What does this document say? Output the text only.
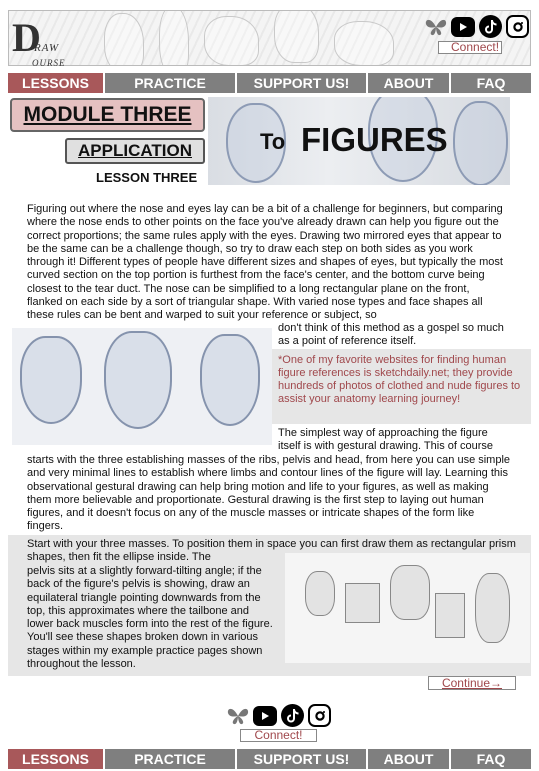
D
RAW
OURSE
Connect!
LESSONS	PRACTICE	SUPPORT US!	ABOUT	FAQ
MODULE THREE
APPLICATION
LESSON THREE
To FIGURES

Figuring out where the nose and eyes lay can be a bit of a challenge for beginners, but comparing where the nose ends to other points on the face you've already drawn can help you figure out the correct proportions; the same rules apply with the eyes. Drawing two mirrored eyes that appear to be the same can be a challenge though, so try to draw each step on both sides as you work through it! Different types of people have different sizes and shapes of eyes, but typically the most curved section on the top portion is furthest from the face's center, and the bottom curve being closest to the tear duct. The nose can be simplified to a long rectangular plane on the front, flanked on each side by a sort of triangular shape. With varied nose types and face shapes all these rules can be bent and warped to suit your reference or subject, so

don't think of this method as a gospel so much as a point of reference itself.

*One of my favorite websites for finding human figure references is sketchdaily.net; they provide hundreds of photos of clothed and nude figures to assist your anatomy learning journey!

The simplest way of approaching the figure itself is with gestural drawing. This of course

starts with the three establishing masses of the ribs, pelvis and head, from here you can use simple and very minimal lines to establish where limbs and contour lines of the figure will lay. Learning this observational gestural drawing can help bring motion and life to your figures, as well as making them more believable and proportionate. Gestural drawing is the first step to laying out human figures, and it doesn't focus on any of the muscle masses or intricate shapes of the form like fingers.

Start with your three masses. To position them in space you can first draw them as rectangular prism shapes, then fit the ellipse inside. The

pelvis sits at a slightly forward-tilting angle; if the back of the figure's pelvis is showing, draw an equilateral triangle pointing downwards from the top, this approximates where the tailbone and lower back muscles form into the rest of the figure. You'll see these shapes broken down in various stages within my example practice pages shown throughout the lesson.

Continue→
Connect!
LESSONS	PRACTICE	SUPPORT US!	ABOUT	FAQ
